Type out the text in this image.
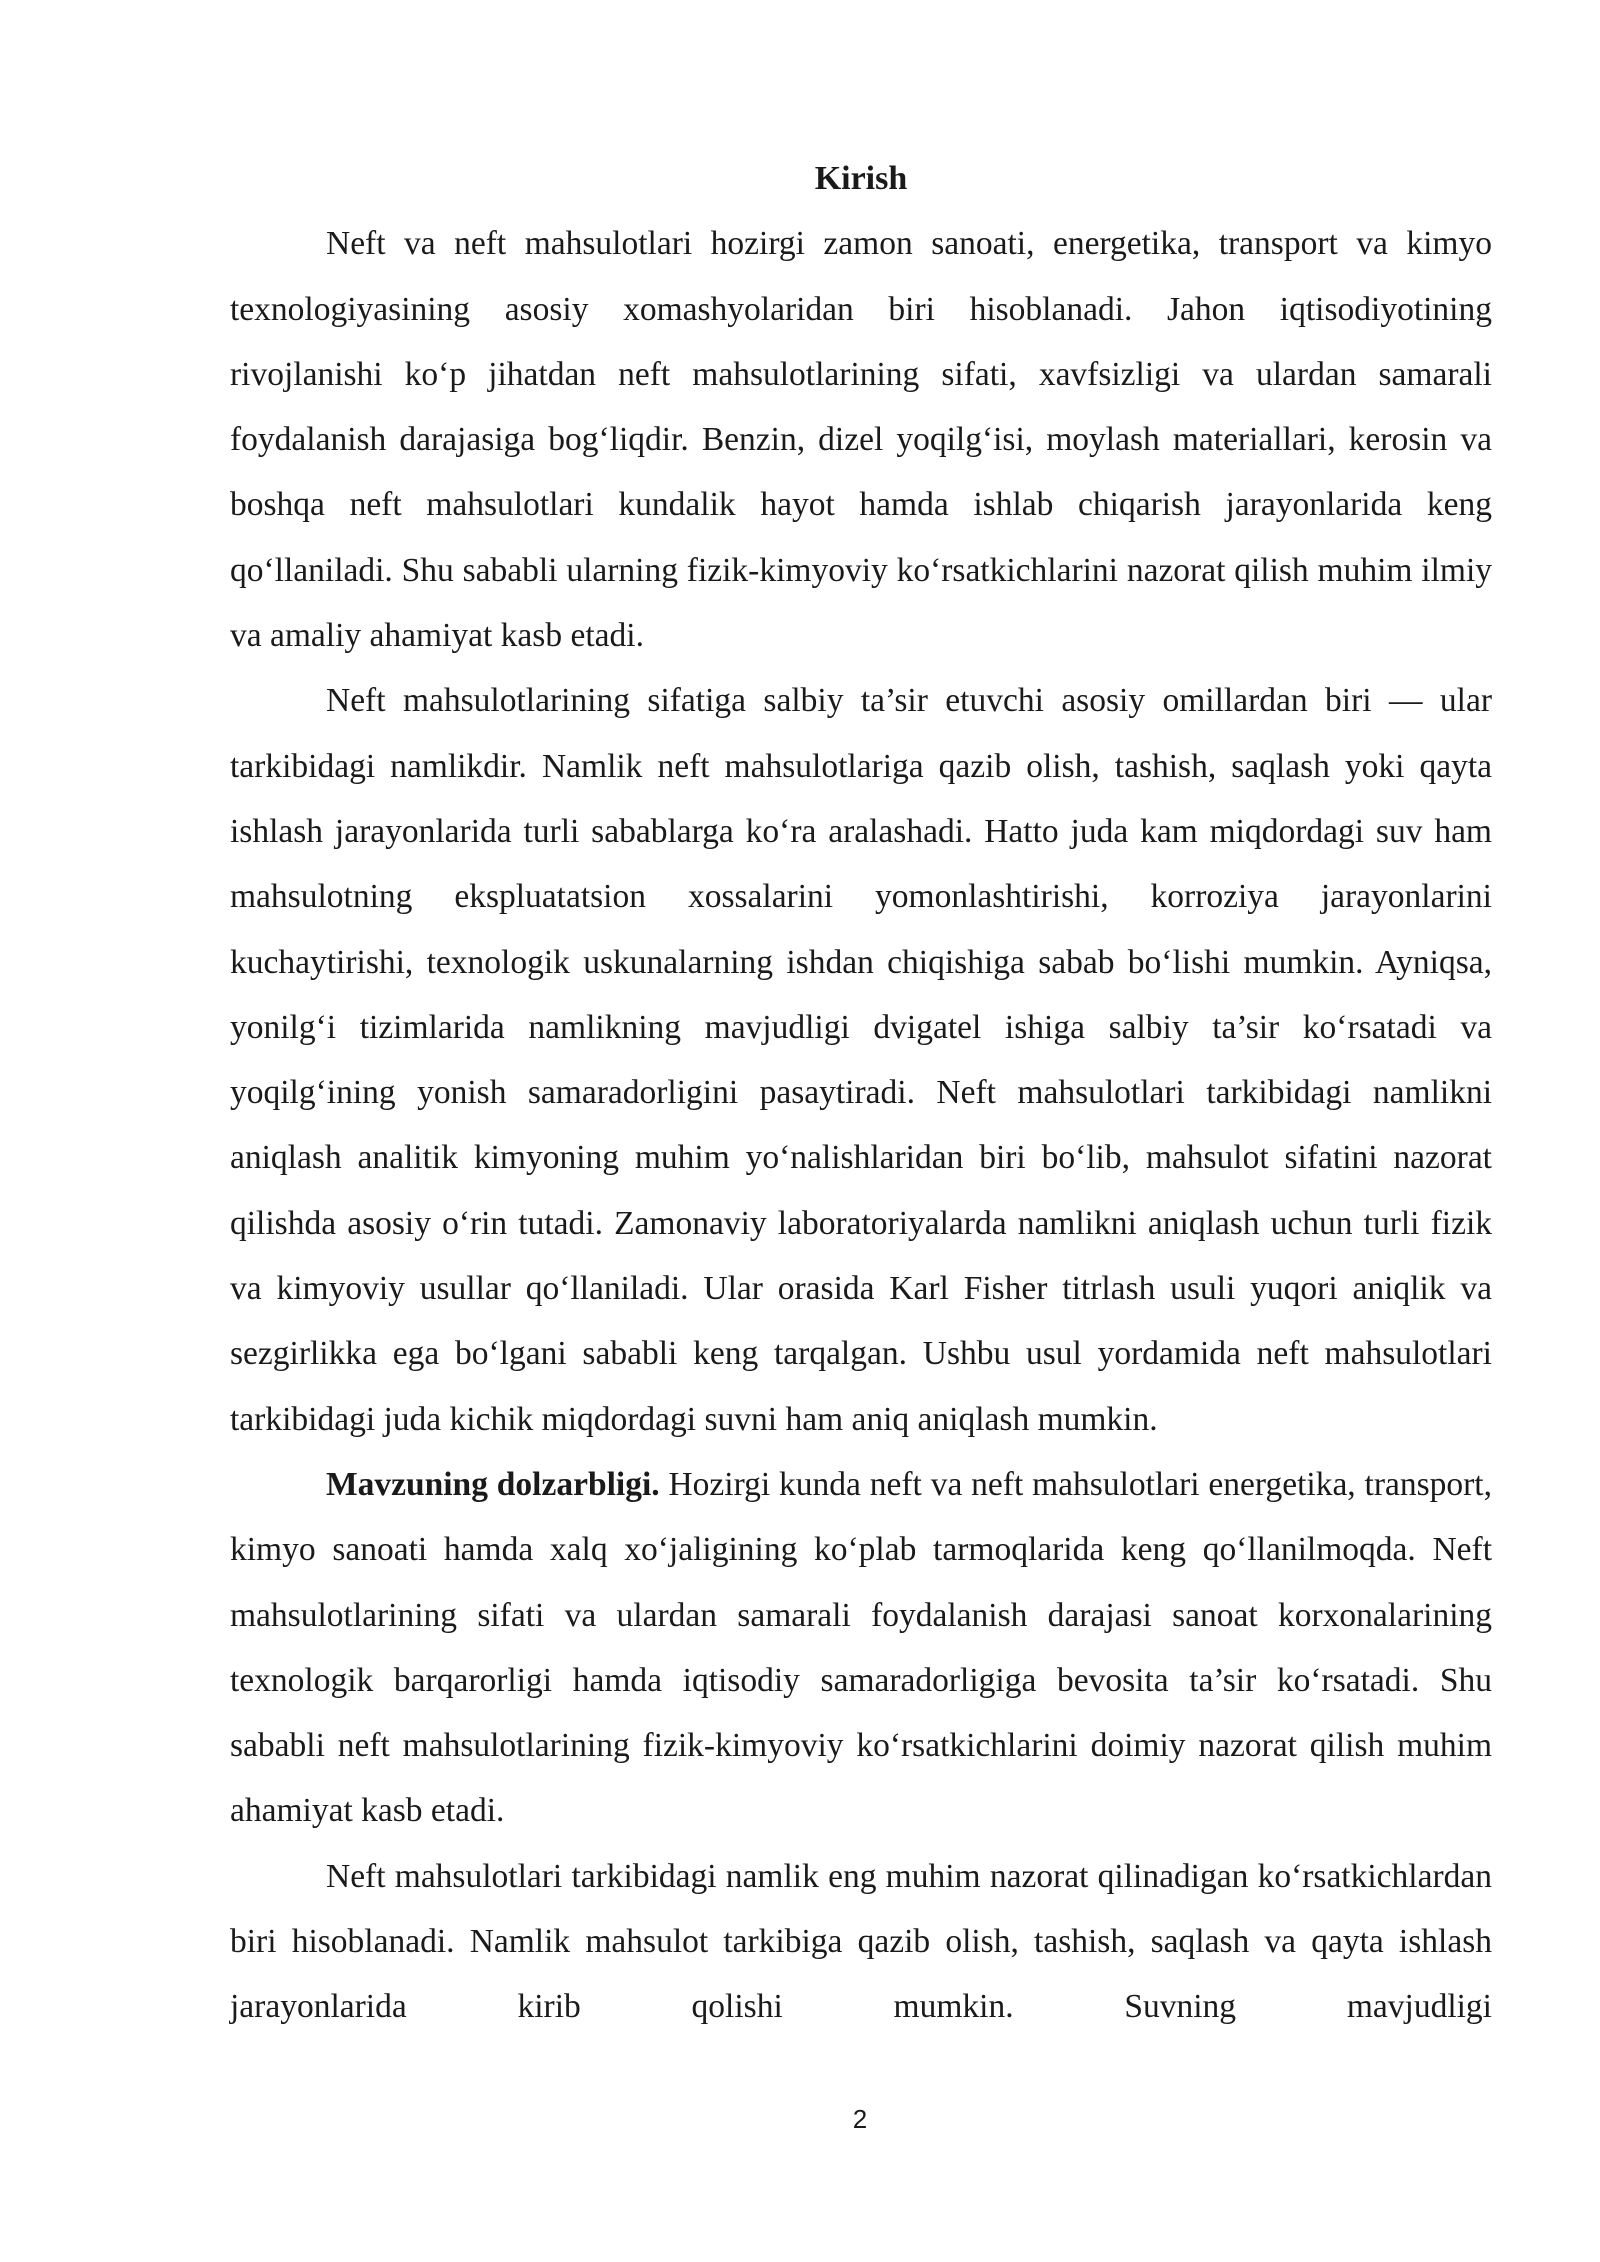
Kirish

Neft va neft mahsulotlari hozirgi zamon sanoati, energetika, transport va kimyo texnologiyasining asosiy xomashyolaridan biri hisoblanadi. Jahon iqtisodiyotining rivojlanishi ko‘p jihatdan neft mahsulotlarining sifati, xavfsizligi va ulardan samarali foydalanish darajasiga bog‘liqdir. Benzin, dizel yoqilg‘isi, moylash materiallari, kerosin va boshqa neft mahsulotlari kundalik hayot hamda ishlab chiqarish jarayonlarida keng qo‘llaniladi. Shu sababli ularning fizik-kimyoviy ko‘rsatkichlarini nazorat qilish muhim ilmiy va amaliy ahamiyat kasb etadi.

Neft mahsulotlarining sifatiga salbiy ta’sir etuvchi asosiy omillardan biri — ular tarkibidagi namlikdir. Namlik neft mahsulotlariga qazib olish, tashish, saqlash yoki qayta ishlash jarayonlarida turli sabablarga ko‘ra aralashadi. Hatto juda kam miqdordagi suv ham mahsulotning ekspluatatsion xossalarini yomonlashtirishi, korroziya jarayonlarini kuchaytirishi, texnologik uskunalarning ishdan chiqishiga sabab bo‘lishi mumkin. Ayniqsa, yonilg‘i tizimlarida namlikning mavjudligi dvigatel ishiga salbiy ta’sir ko‘rsatadi va yoqilg‘ining yonish samaradorligini pasaytiradi. Neft mahsulotlari tarkibidagi namlikni aniqlash analitik kimyoning muhim yo‘nalishlaridan biri bo‘lib, mahsulot sifatini nazorat qilishda asosiy o‘rin tutadi. Zamonaviy laboratoriyalarda namlikni aniqlash uchun turli fizik va kimyoviy usullar qo‘llaniladi. Ular orasida Karl Fisher titrlash usuli yuqori aniqlik va sezgirlikka ega bo‘lgani sababli keng tarqalgan. Ushbu usul yordamida neft mahsulotlari tarkibidagi juda kichik miqdordagi suvni ham aniq aniqlash mumkin.

Mavzuning dolzarbligi. Hozirgi kunda neft va neft mahsulotlari energetika, transport, kimyo sanoati hamda xalq xo‘jaligining ko‘plab tarmoqlarida keng qo‘llanilmoqda. Neft mahsulotlarining sifati va ulardan samarali foydalanish darajasi sanoat korxonalarining texnologik barqarorligi hamda iqtisodiy samaradorligiga bevosita ta’sir ko‘rsatadi. Shu sababli neft mahsulotlarining fizik-kimyoviy ko‘rsatkichlarini doimiy nazorat qilish muhim ahamiyat kasb etadi.

Neft mahsulotlari tarkibidagi namlik eng muhim nazorat qilinadigan ko‘rsatkichlardan biri hisoblanadi. Namlik mahsulot tarkibiga qazib olish, tashish, saqlash va qayta ishlash jarayonlarida kirib qolishi mumkin. Suvning mavjudligi

2
